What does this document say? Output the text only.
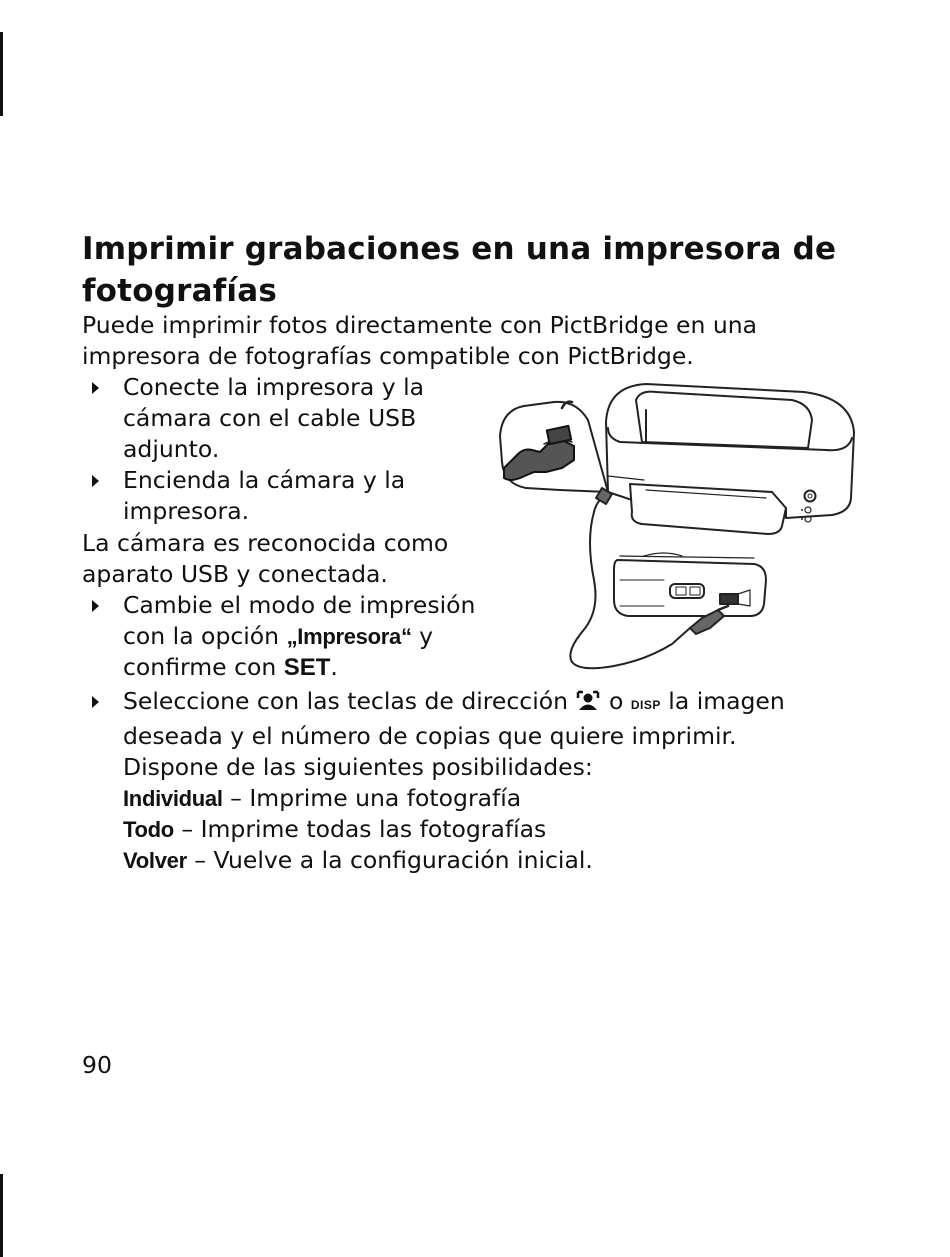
Imprimir grabaciones en una impresora de fotografías

Puede imprimir fotos directamente con PictBridge en una impresora de fotografías compatible con PictBridge.

Conecte la impresora y la cámara con el cable USB adjunto.
Encienda la cámara y la impresora.

La cámara es reconocida como aparato USB y conectada.

Cambie el modo de impresión con la opción „Impresora“ y confirme con SET.
Seleccione con las teclas de dirección  o DISP la imagen deseada y el número de copias que quiere imprimir.
Dispone de las siguientes posibilidades:
Individual – Imprime una fotografía
Todo – Imprime todas las fotografías
Volver – Vuelve a la configuración inicial.

90
